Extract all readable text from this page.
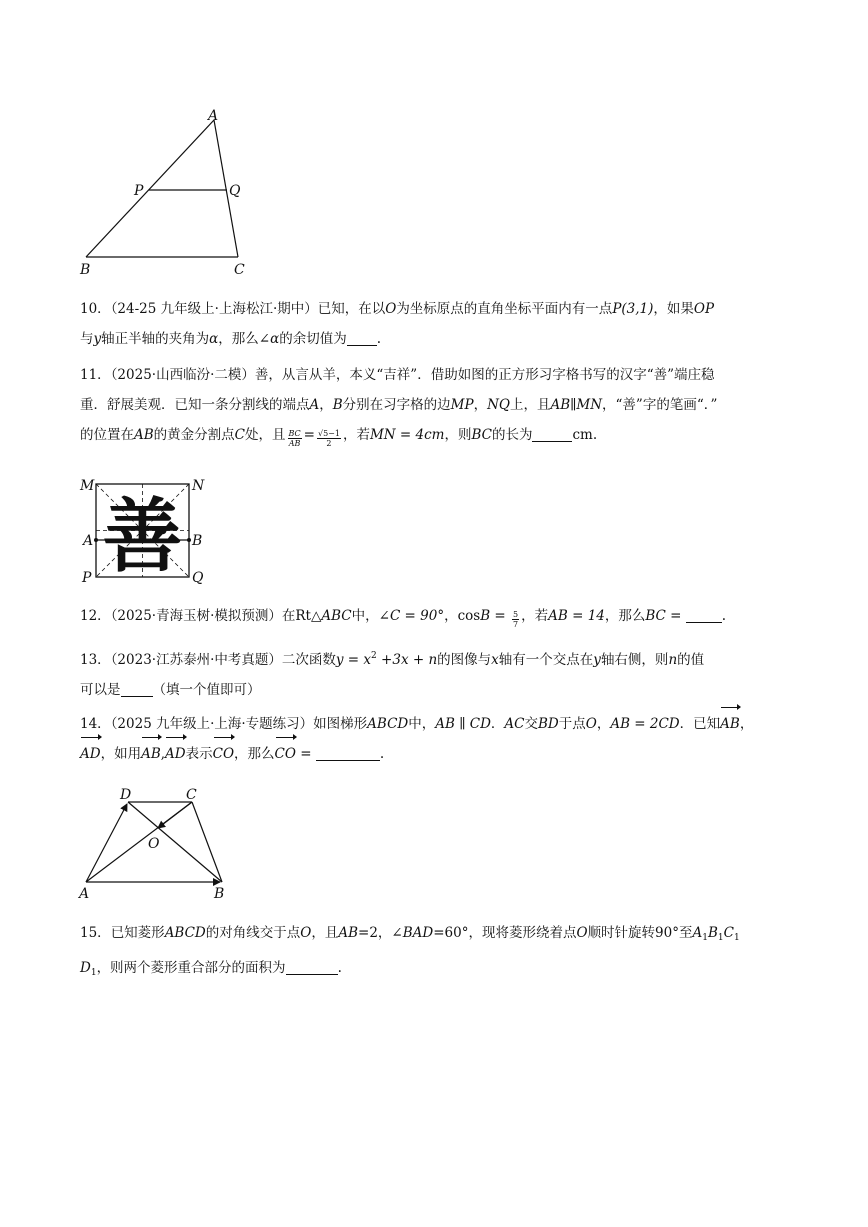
A
P	Q
B	C
10．（24-25 九年级上·上海松江·期中）已知，在以O为坐标原点的直角坐标平面内有一点P(3,1)，如果OP
与y轴正半轴的夹角为α，那么∠α的余切值为 .
11．（2025·山西临汾·二模）善，从言从羊，本义“吉祥”．借助如图的正方形习字格书写的汉字“善”端庄稳
重．舒展美观．已知一条分割线的端点A，B分别在习字格的边MP，NQ上，且AB∥MN，“善”字的笔画“．”
的位置在AB的黄金分割点C处，且 $\frac{BC}{AB} = \frac{√5-1}{2}$ ，若MN = 4cm，则BC的长为	cm.
善
M	N
A	B
P	Q
12．（2025·青海玉树·模拟预测）在Rt△ABC中，∠C = 90°，$\cos B = \frac{5}{7}$ ，若AB = 14，那么BC =	.
13．（2023·江苏泰州·中考真题）二次函数$y = x^2 +3x + n$的图像与x轴有一个交点在y轴右侧，则n的值
可以是 （填一个值即可）
14．（2025 九年级上·上海·专题练习）如图梯形ABCD中，AB ∥ CD．AC交BD于点O，AB = 2CD．已知AB，
AD，如用AB,AD表示CO，那么CO =	.
D	C
O
A	B
15．已知菱形ABCD的对角线交于点O，且AB=2，∠BAD=60°，现将菱形绕着点O顺时针旋转90°至$A_1B_1C_1$
$D_1$，则两个菱形重合部分的面积为	.
